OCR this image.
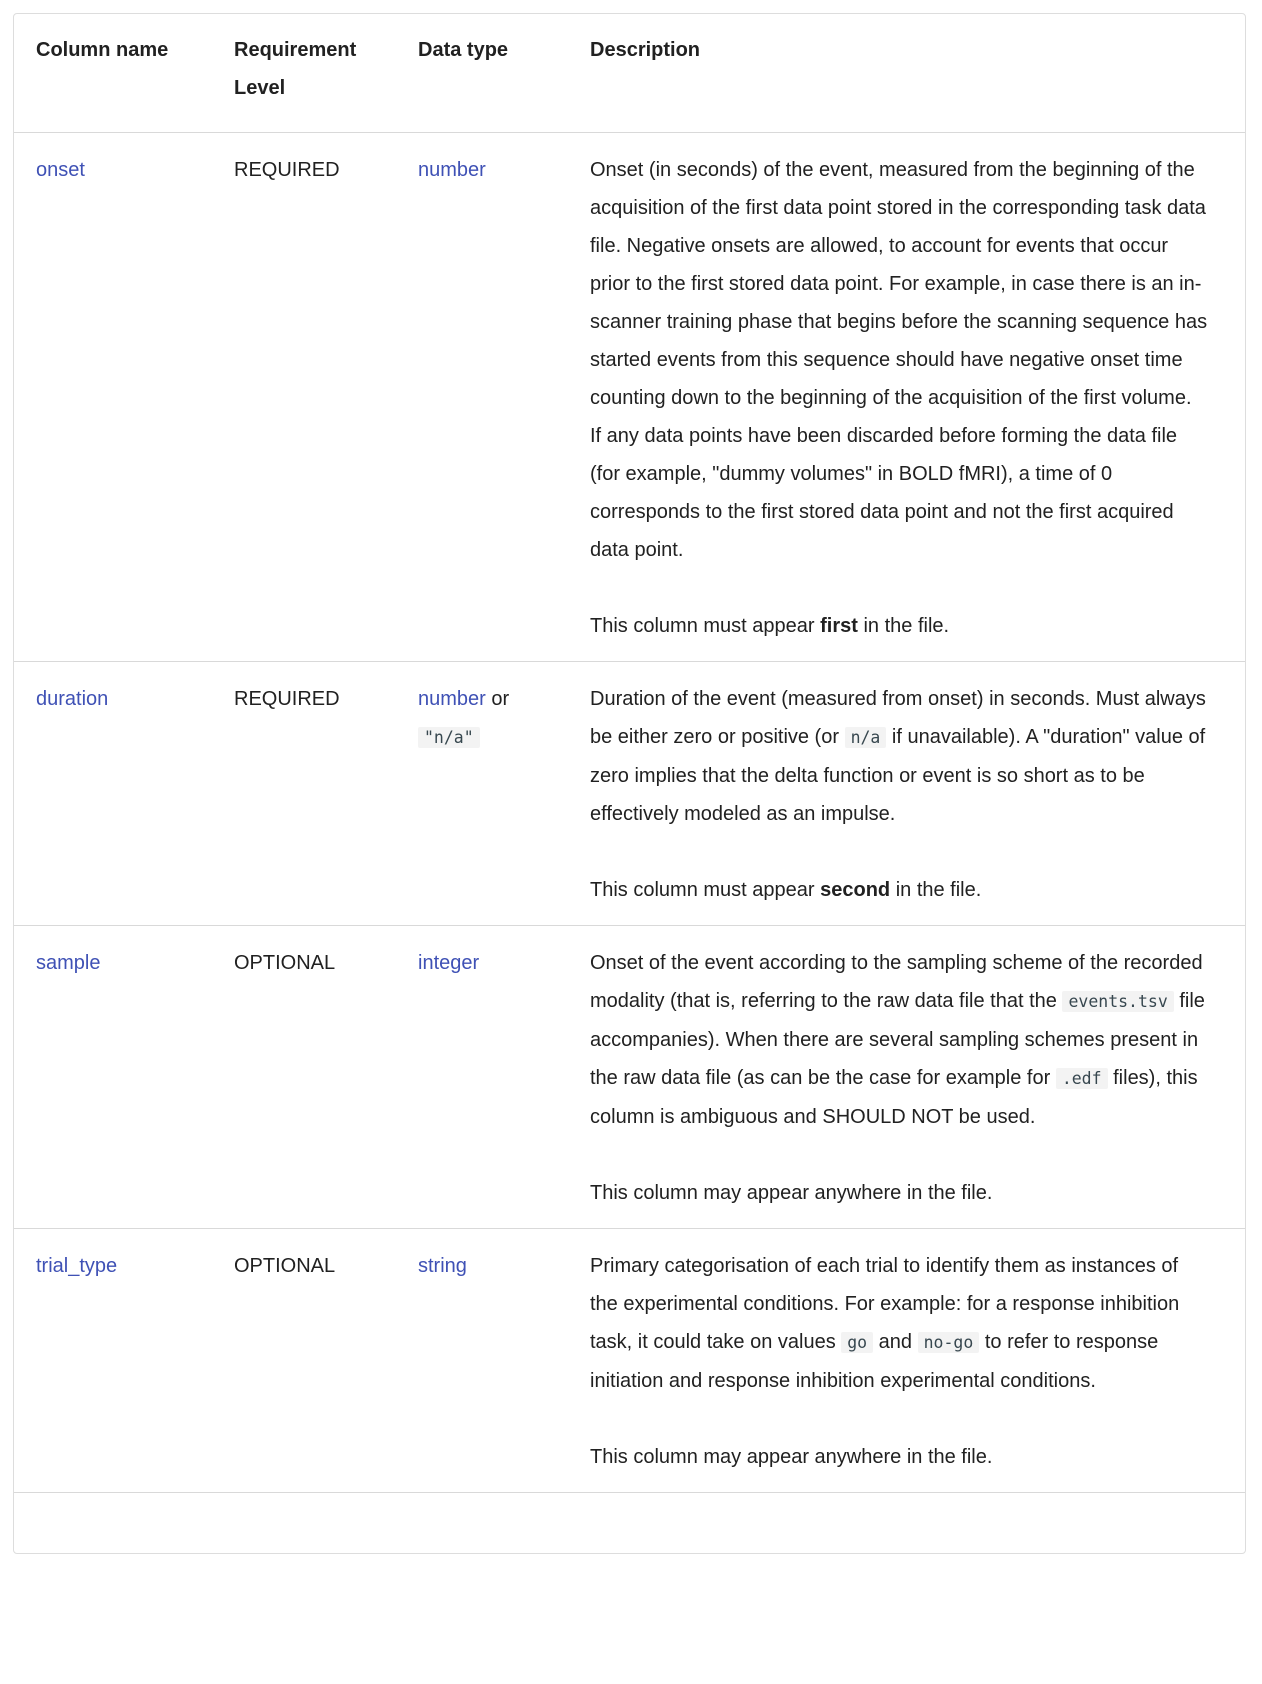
Column name	Requirement Level	Data type	Description
onset	REQUIRED	number	Onset (in seconds) of the event, measured from the beginning of the acquisition of the first data point stored in the corresponding task data file. Negative onsets are allowed, to account for events that occur prior to the first stored data point. For example, in case there is an in-scanner training phase that begins before the scanning sequence has started events from this sequence should have negative onset time counting down to the beginning of the acquisition of the first volume.
If any data points have been discarded before forming the data file (for example, "dummy volumes" in BOLD fMRI), a time of 0 corresponds to the first stored data point and not the first acquired data point.
This column must appear first in the file.

duration	REQUIRED	number or "n/a"	Duration of the event (measured from onset) in seconds. Must always be either zero or positive (or n/a if unavailable). A "duration" value of zero implies that the delta function or event is so short as to be effectively modeled as an impulse.
This column must appear second in the file.

sample	OPTIONAL	integer	Onset of the event according to the sampling scheme of the recorded modality (that is, referring to the raw data file that the events.tsv file accompanies). When there are several sampling schemes present in the raw data file (as can be the case for example for .edf files), this column is ambiguous and SHOULD NOT be used.
This column may appear anywhere in the file.

trial_type	OPTIONAL	string	Primary categorisation of each trial to identify them as instances of the experimental conditions. For example: for a response inhibition task, it could take on values go and no-go to refer to response initiation and response inhibition experimental conditions.
This column may appear anywhere in the file.
